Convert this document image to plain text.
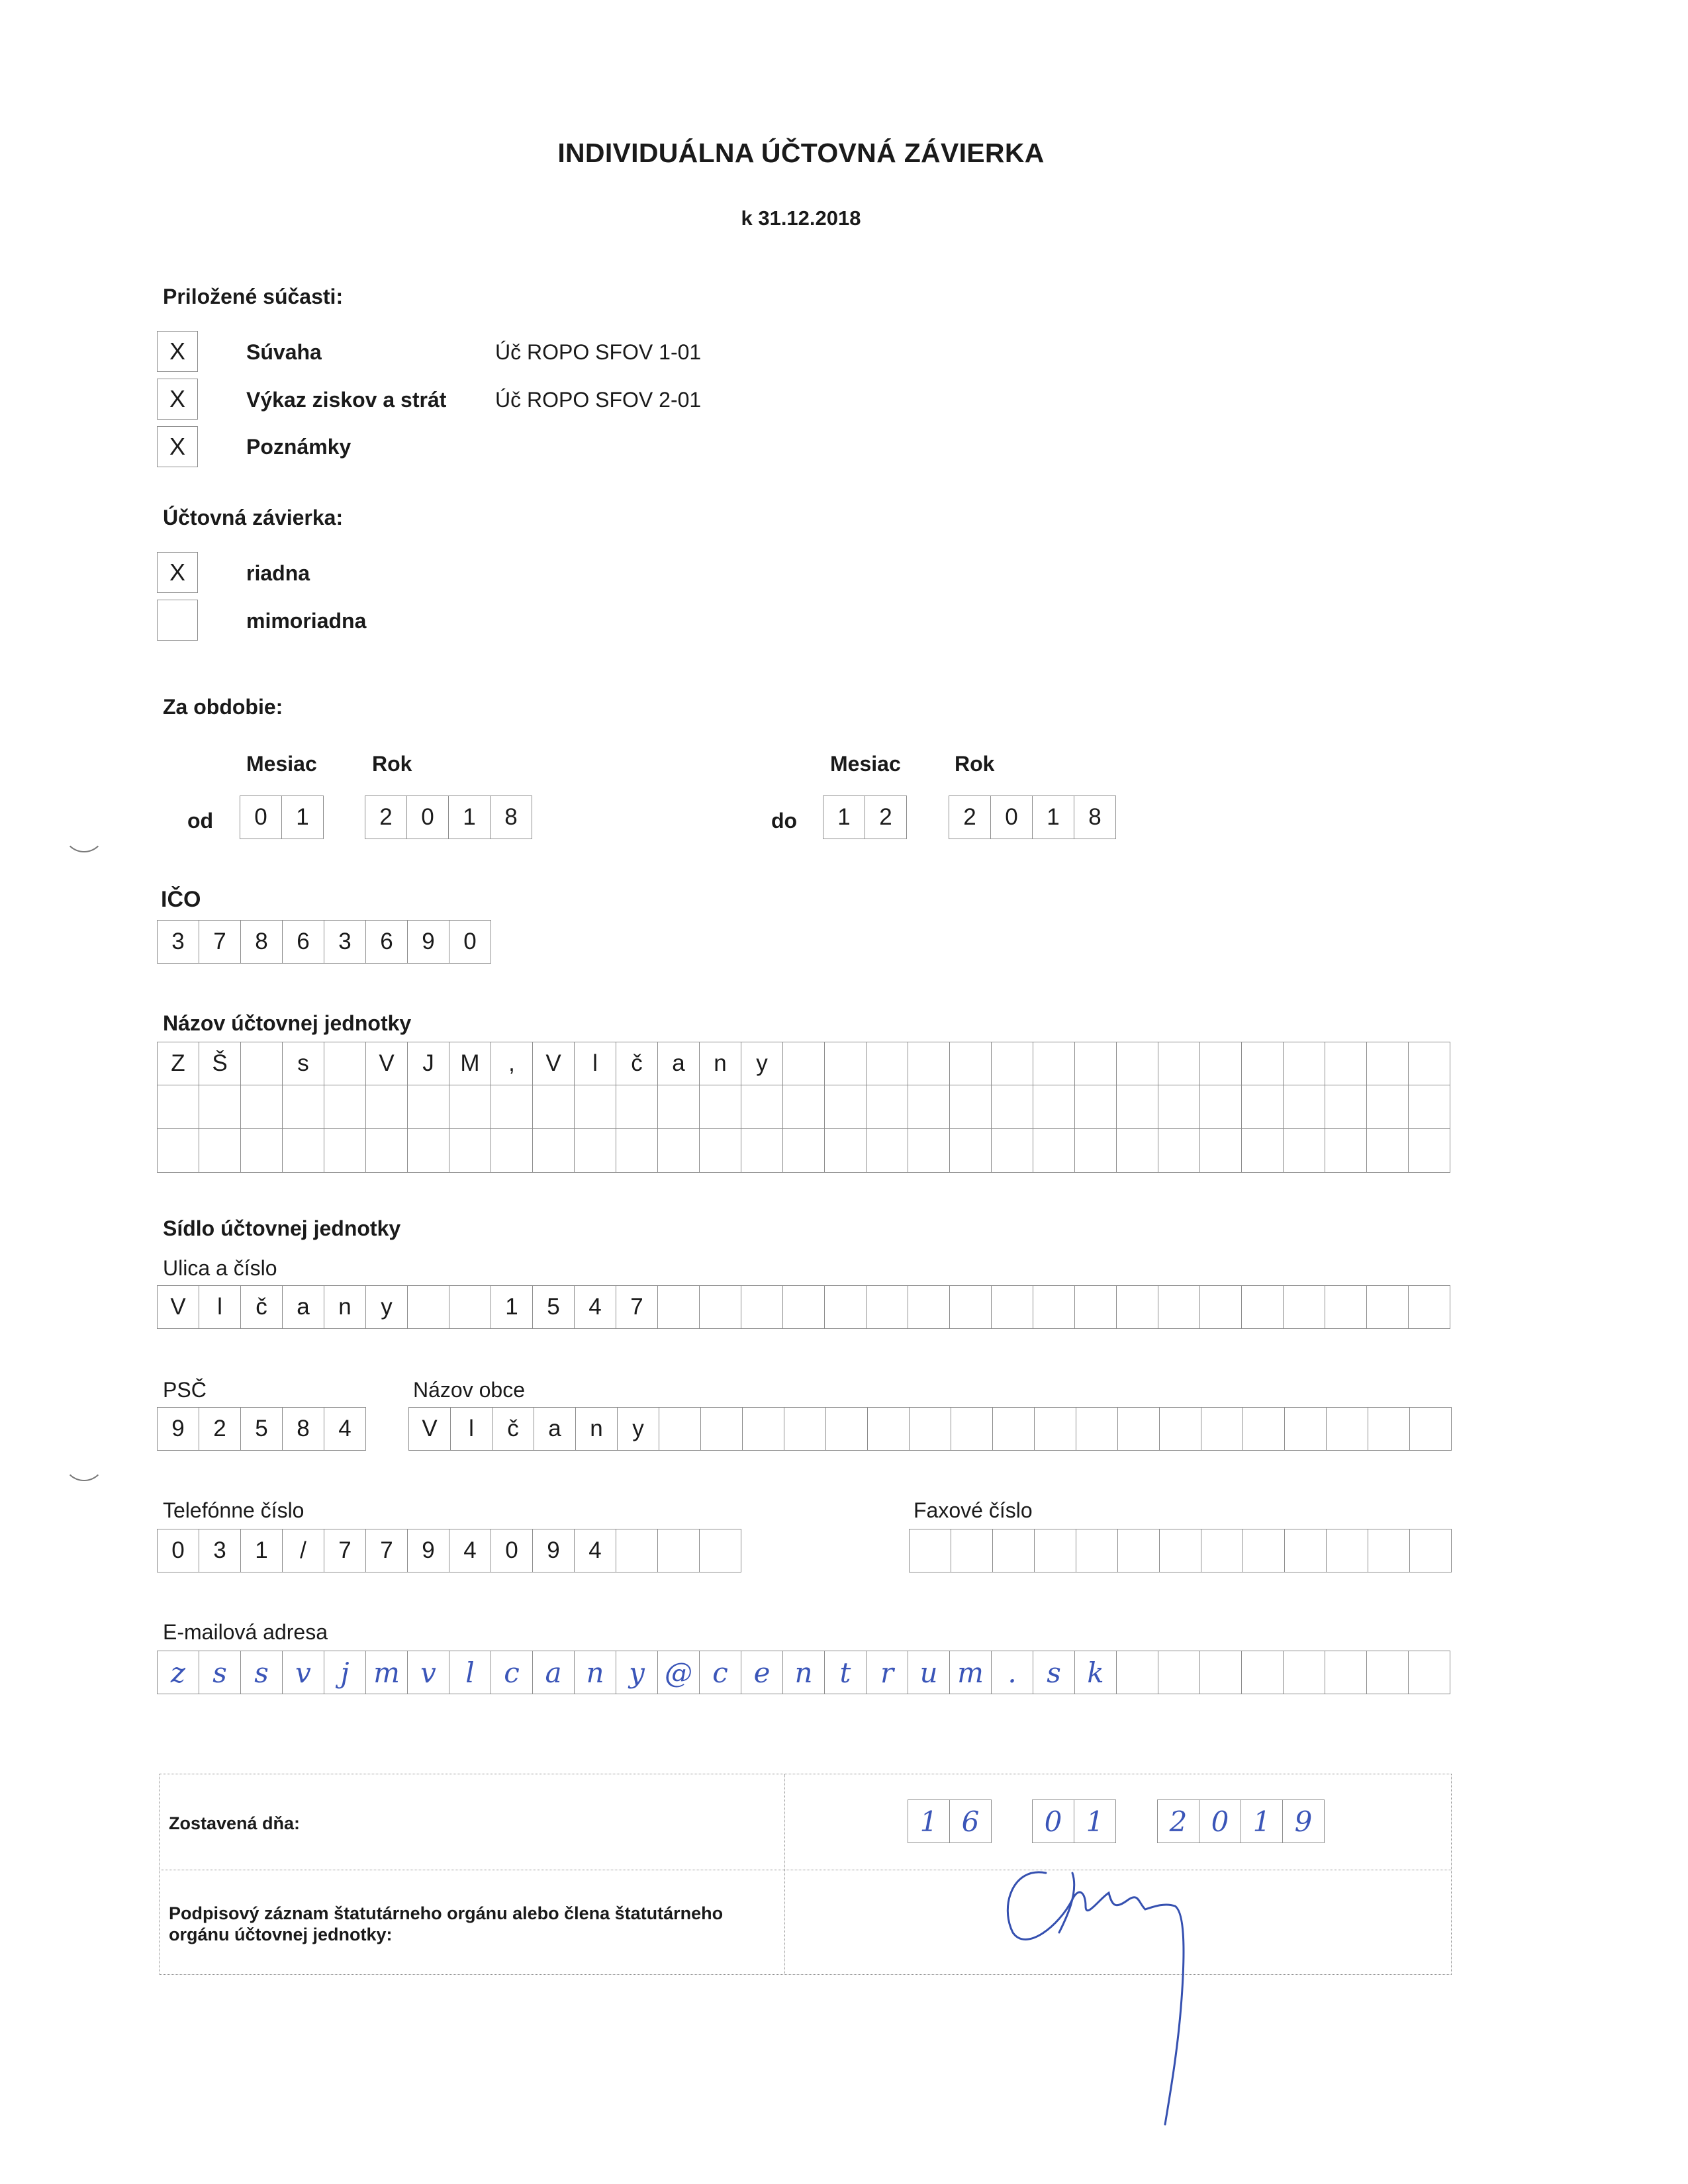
INDIVIDUÁLNA ÚČTOVNÁ ZÁVIERKA
k 31.12.2018
Priložené súčasti:
X	Súvaha	Úč ROPO SFOV 1-01
X	Výkaz ziskov a strát Úč ROPO SFOV 2-01
X	Poznámky
Účtovná závierka:
X	riadna
mimoriadna
Za obdobie:
Mesiac	Rok	Mesiac	Rok
od	0	1	2	0	1	8	do	1	2	2	0	1	8
IČO
3	7	8	6	3	6	9	0
Názov účtovnej jednotky
Z	Š	s	V	J	M	,	V	l	č	a	n	y
Sídlo účtovnej jednotky
Ulica a číslo
V	l	č	a	n	y	1	5	4	7
PSČ
9	2	5	8	4
Názov obce
V	l	č	a	n	y
Telefónne číslo
0	3	1	/	7	7	9	4	0	9	4
Faxové číslo
E-mailová adresa
z s s v	j m v	l	c a n y @ c e n t	r u m .	s k
Zostavená dňa:	1 6	0 1	2 0 1 9
Podpisový záznam štatutárneho orgánu alebo člena štatutárneho orgánu účtovnej jednotky:
